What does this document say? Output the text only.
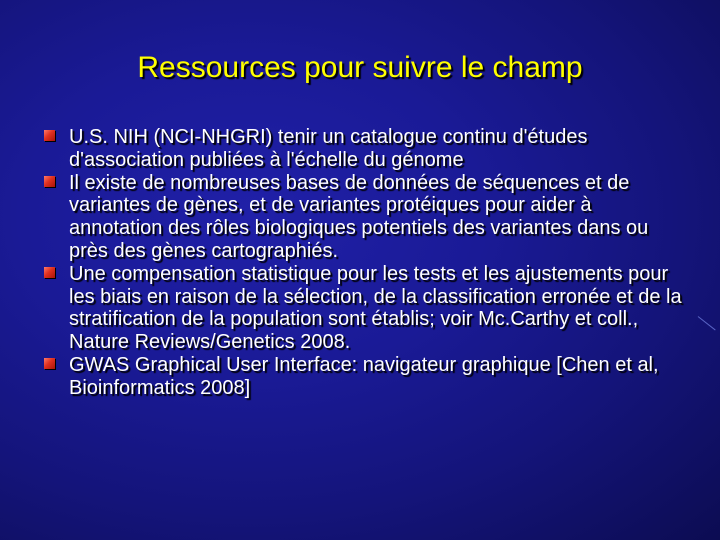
Ressources pour suivre le champ
U.S. NIH (NCI-NHGRI) tenir un catalogue continu d'études d'association publiées à l'échelle du génome
Il existe de nombreuses bases de données de séquences et de variantes de gènes, et de variantes protéiques pour aider à annotation des rôles biologiques potentiels des variantes dans ou près des gènes cartographiés.
Une compensation statistique pour les tests et les ajustements pour les biais en raison de la sélection, de la classification erronée et de la stratification de la population sont établis; voir Mc.Carthy et coll., Nature Reviews/Genetics 2008.
GWAS Graphical User Interface: navigateur graphique [Chen et al, Bioinformatics 2008]
